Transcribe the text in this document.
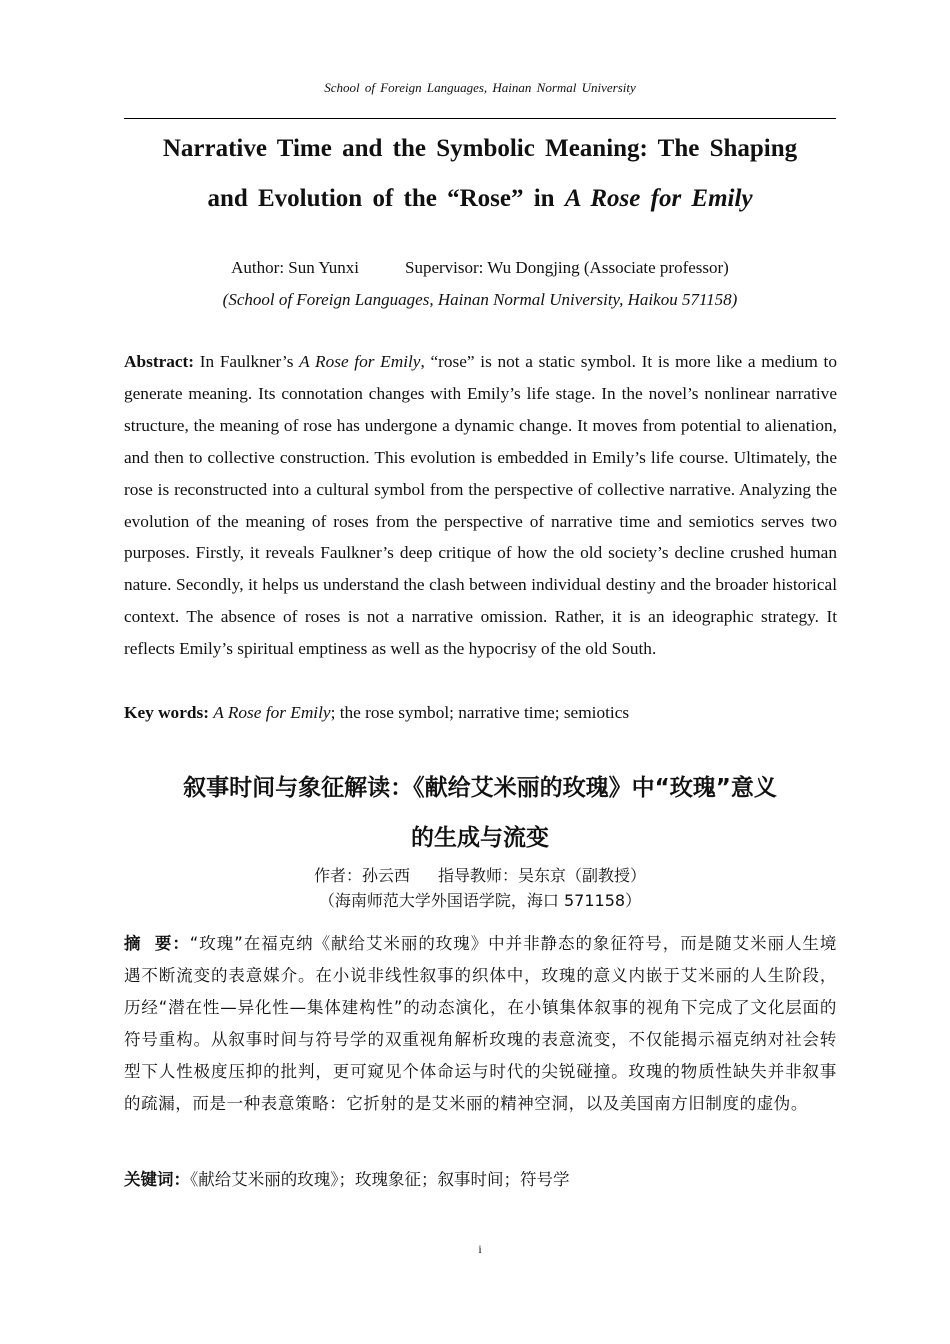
School of Foreign Languages, Hainan Normal University
Narrative Time and the Symbolic Meaning: The Shaping
and Evolution of the “Rose” in A Rose for Emily
Author: Sun Yunxi	Supervisor: Wu Dongjing (Associate professor)
(School of Foreign Languages, Hainan Normal University, Haikou 571158)
Abstract: In Faulkner’s A Rose for Emily, “rose” is not a static symbol. It is more like a medium to generate meaning. Its connotation changes with Emily’s life stage. In the novel’s nonlinear narrative structure, the meaning of rose has undergone a dynamic change. It moves from potential to alienation, and then to collective construction. This evolution is embedded in Emily’s life course. Ultimately, the rose is reconstructed into a cultural symbol from the perspective of collective narrative. Analyzing the evolution of the meaning of roses from the perspective of narrative time and semiotics serves two purposes. Firstly, it reveals Faulkner’s deep critique of how the old society’s decline crushed human nature. Secondly, it helps us understand the clash between individual destiny and the broader historical context. The absence of roses is not a narrative omission. Rather, it is an ideographic strategy. It reflects Emily’s spiritual emptiness as well as the hypocrisy of the old South.
Key words: A Rose for Emily; the rose symbol; narrative time; semiotics
叙事时间与象征解读：《献给艾米丽的玫瑰》中“玫瑰”意义
的生成与流变
作者：孙云西 指导教师：吴东京（副教授）
（海南师范大学外国语学院，海口 571158）
摘  要：“玫瑰”在福克纳《献给艾米丽的玫瑰》中并非静态的象征符号，而是随艾米丽人生境遇不断流变的表意媒介。在小说非线性叙事的织体中，玫瑰的意义内嵌于艾米丽的人生阶段，历经“潜在性—异化性—集体建构性”的动态演化，在小镇集体叙事的视角下完成了文化层面的符号重构。从叙事时间与符号学的双重视角解析玫瑰的表意流变，不仅能揭示福克纳对社会转型下人性极度压抑的批判，更可窥见个体命运与时代的尖锐碰撞。玫瑰的物质性缺失并非叙事的疏漏，而是一种表意策略：它折射的是艾米丽的精神空洞，以及美国南方旧制度的虚伪。
关键词：《献给艾米丽的玫瑰》；玫瑰象征；叙事时间；符号学
i
